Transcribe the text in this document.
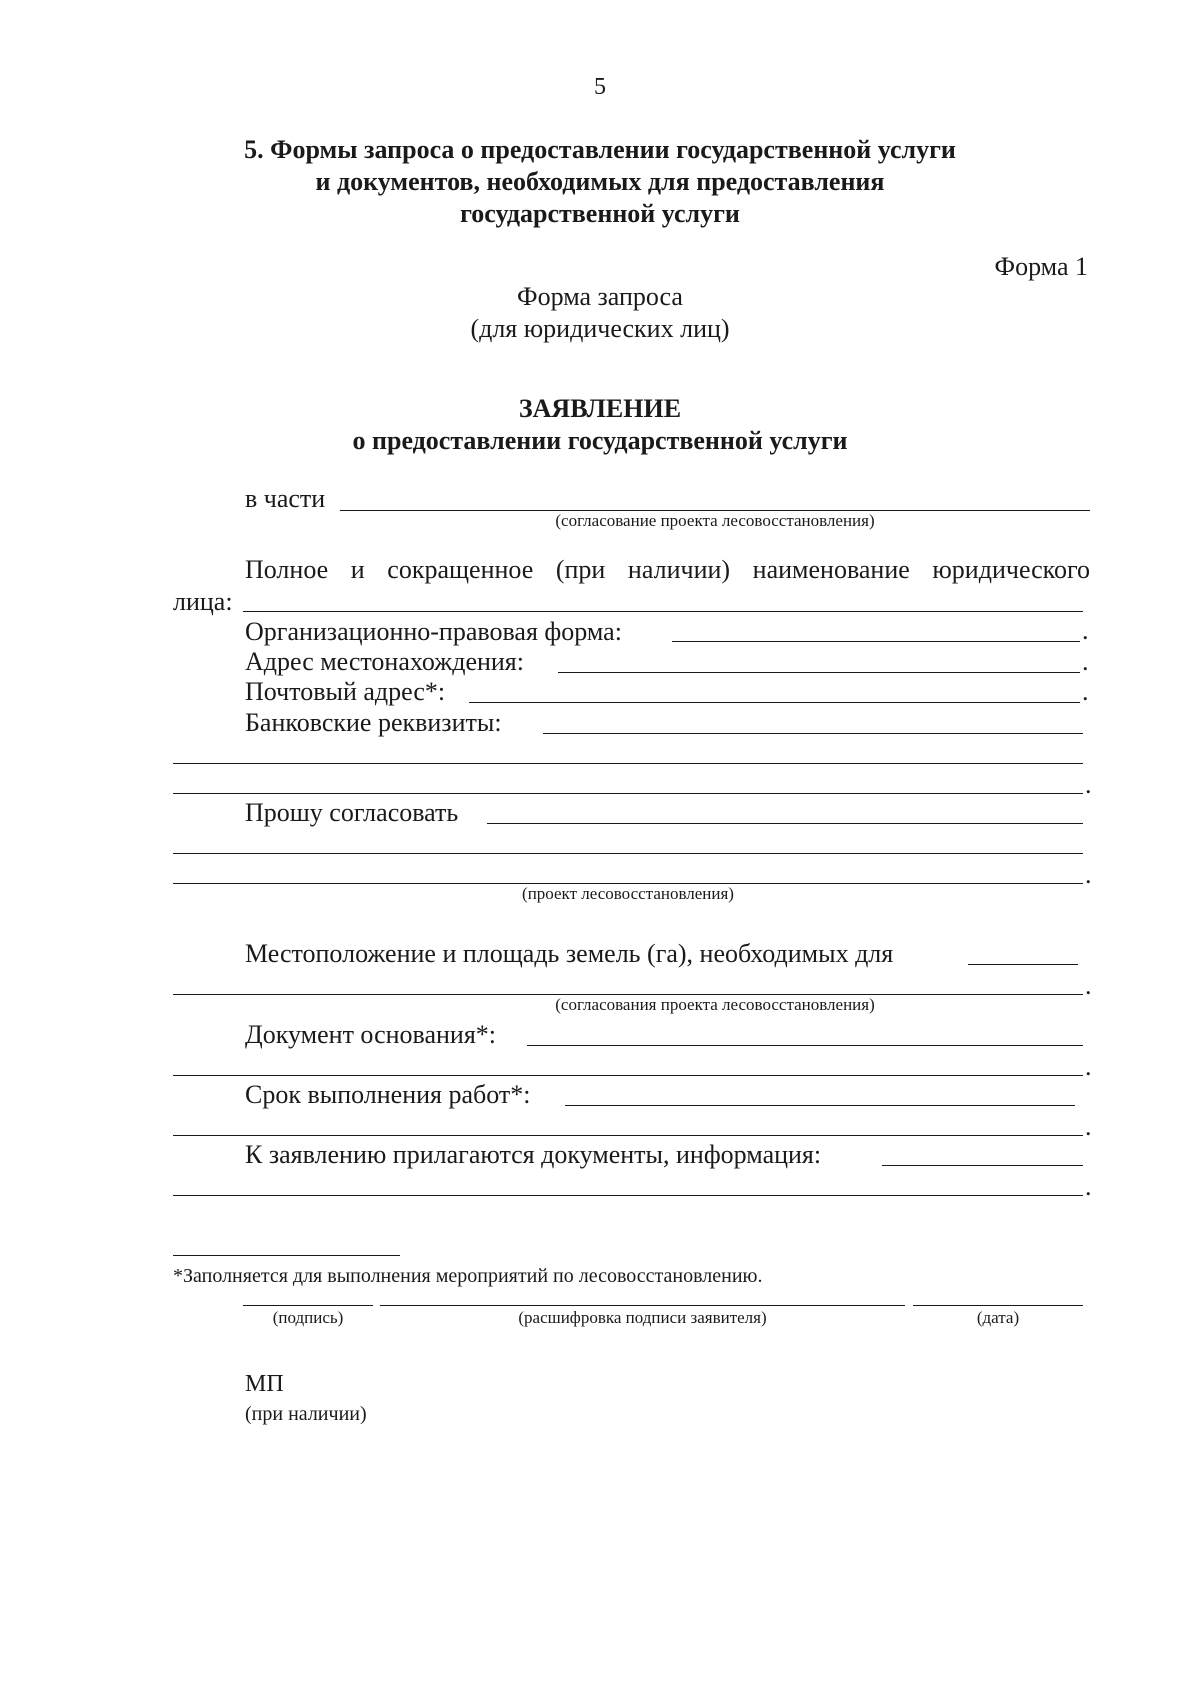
5
5. Формы запроса о предоставлении государственной услуги
и документов, необходимых для предоставления
государственной услуги
Форма 1
Форма запроса
(для юридических лиц)
ЗАЯВЛЕНИЕ
о предоставлении государственной услуги
в части
(согласование проекта лесовосстановления)
Полное и сокращенное (при наличии) наименование юридического
лица:
Организационно-правовая форма:	.
Адрес местонахождения:	.
Почтовый адрес*:	.
Банковские реквизиты:
.
Прошу согласовать
.
(проект лесовосстановления)
Местоположение и площадь земель (га), необходимых для
.
(согласования проекта лесовосстановления)
Документ основания*:
.
Срок выполнения работ*:
.
К заявлению прилагаются документы, информация:
.
*Заполняется для выполнения мероприятий по лесовосстановлению.
(подпись)	(расшифровка подписи заявителя)	(дата)
МП
(при наличии)
